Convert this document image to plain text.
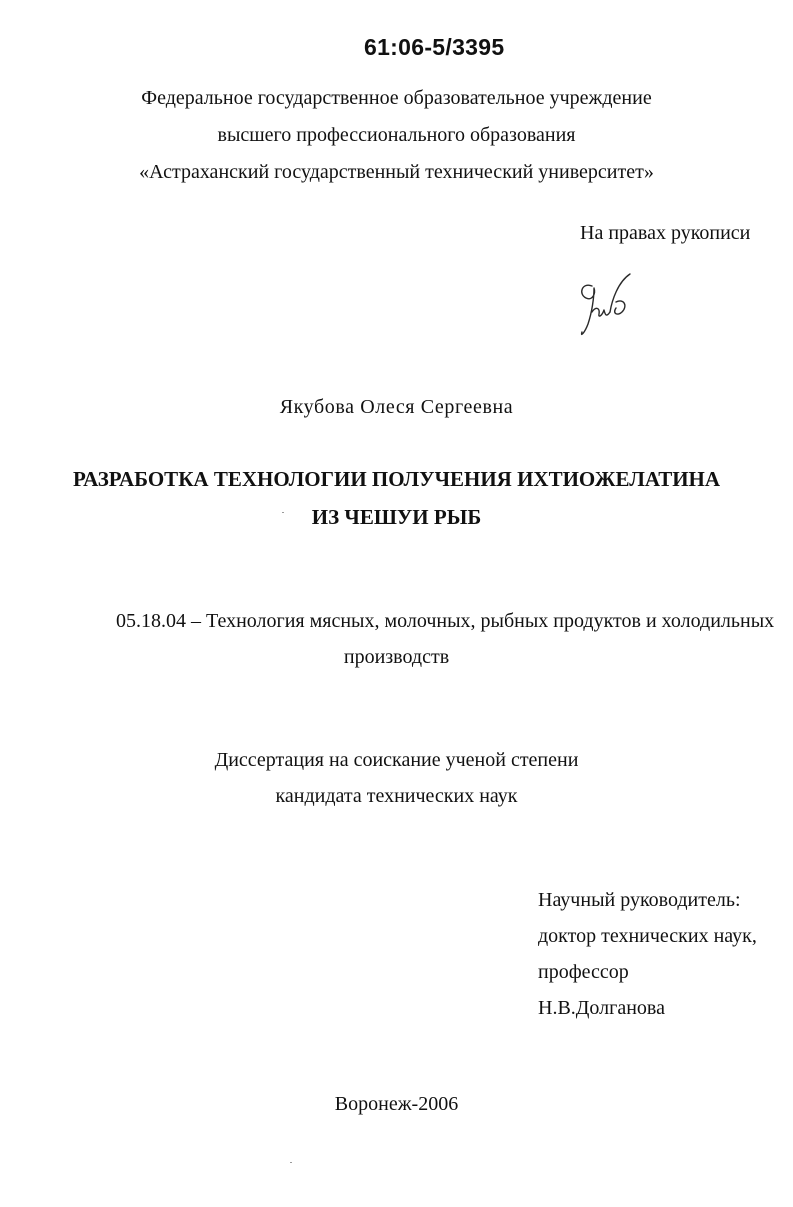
61:06-5/3395
Федеральное государственное образовательное учреждение
высшего профессионального образования
«Астраханский государственный технический университет»
На правах рукописи
Якубова Олеся Сергеевна
РАЗРАБОТКА ТЕХНОЛОГИИ ПОЛУЧЕНИЯ ИХТИОЖЕЛАТИНА
ИЗ ЧЕШУИ РЫБ
05.18.04 – Технология мясных, молочных, рыбных продуктов и холодильных
производств
Диссертация на соискание ученой степени
кандидата технических наук
Научный руководитель:
доктор технических наук,
профессор
Н.В.Долганова
Воронеж-2006
